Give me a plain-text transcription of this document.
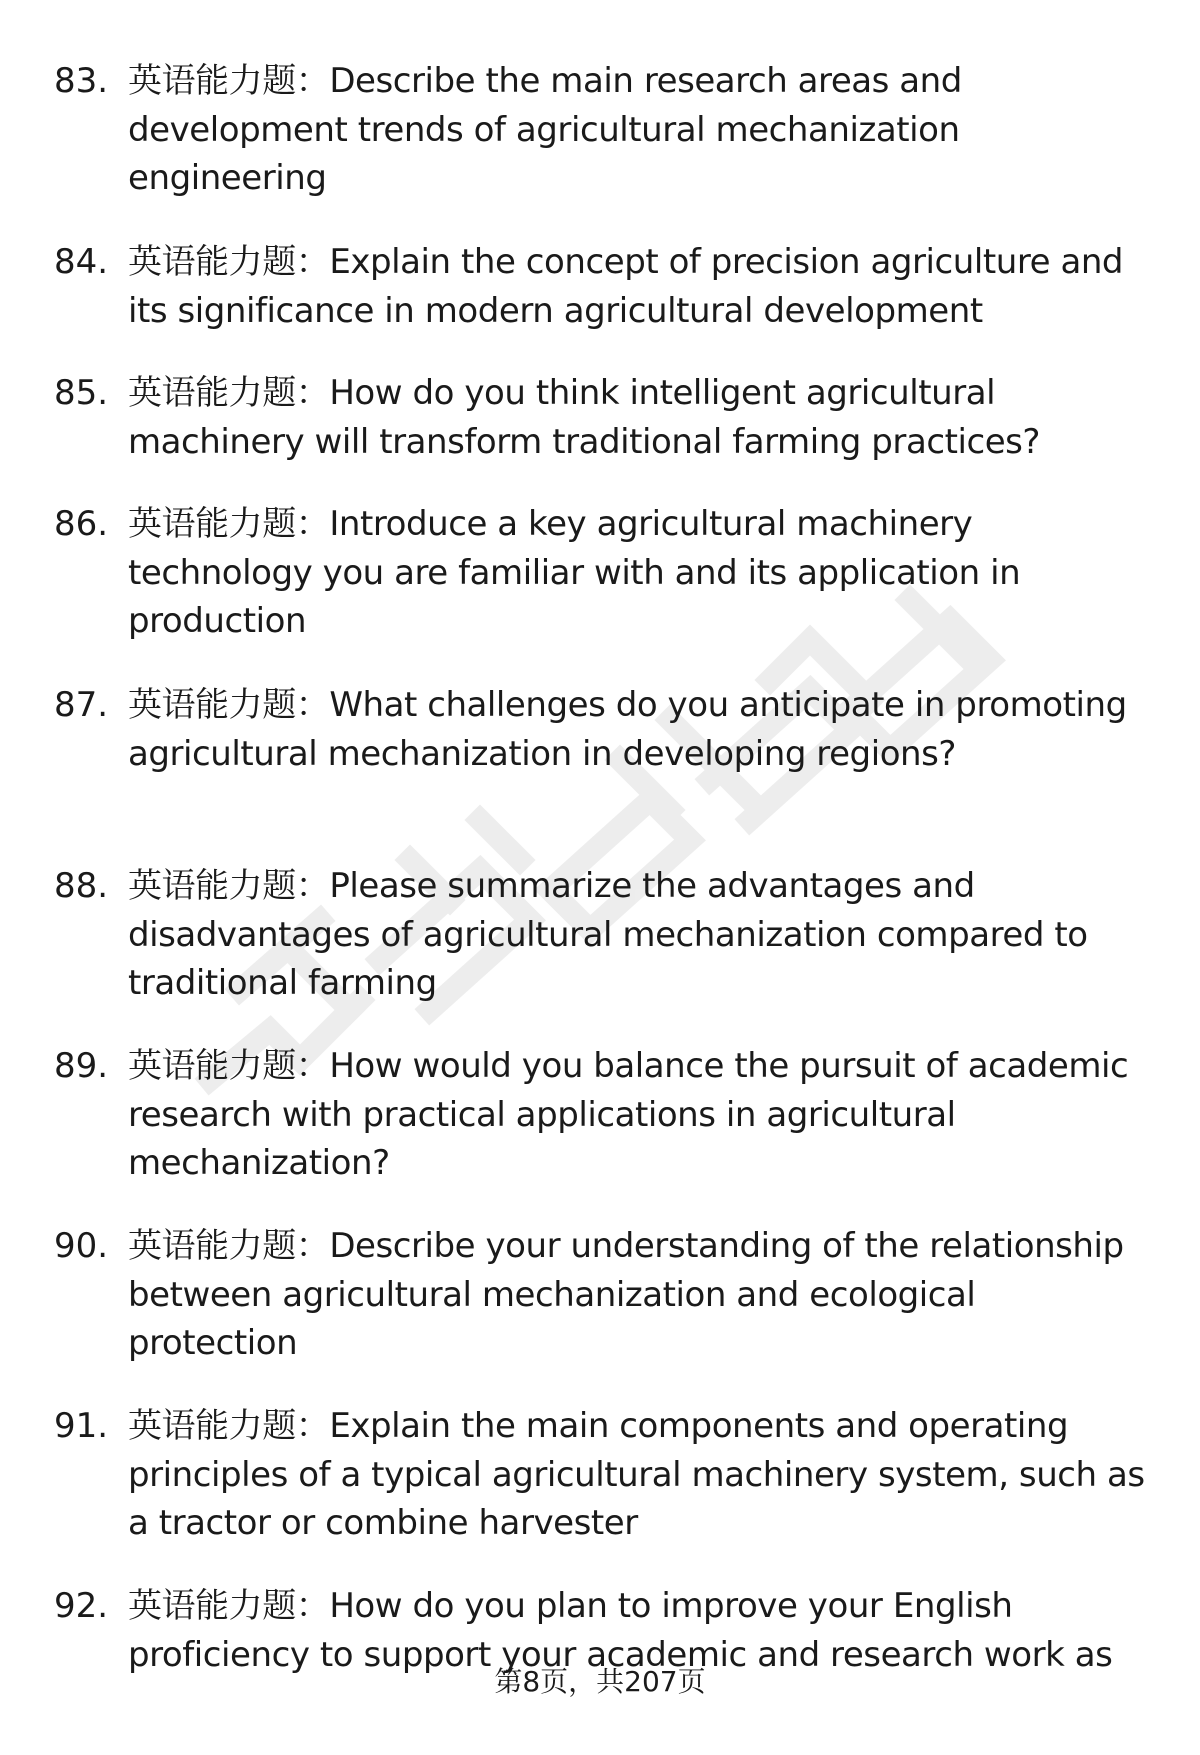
83. 英语能力题：Describe the main research areas and development trends of agricultural mechanization engineering
84. 英语能力题：Explain the concept of precision agriculture and its significance in modern agricultural development
85. 英语能力题：How do you think intelligent agricultural machinery will transform traditional farming practices?
86. 英语能力题：Introduce a key agricultural machinery technology you are familiar with and its application in production
87. 英语能力题：What challenges do you anticipate in promoting agricultural mechanization in developing regions?
88. 英语能力题：Please summarize the advantages and disadvantages of agricultural mechanization compared to traditional farming
89. 英语能力题：How would you balance the pursuit of academic research with practical applications in agricultural mechanization?
90. 英语能力题：Describe your understanding of the relationship between agricultural mechanization and ecological protection
91. 英语能力题：Explain the main components and operating principles of a typical agricultural machinery system, such as a tractor or combine harvester
92. 英语能力题：How do you plan to improve your English proficiency to support your academic and research work as
第8页，共207页
